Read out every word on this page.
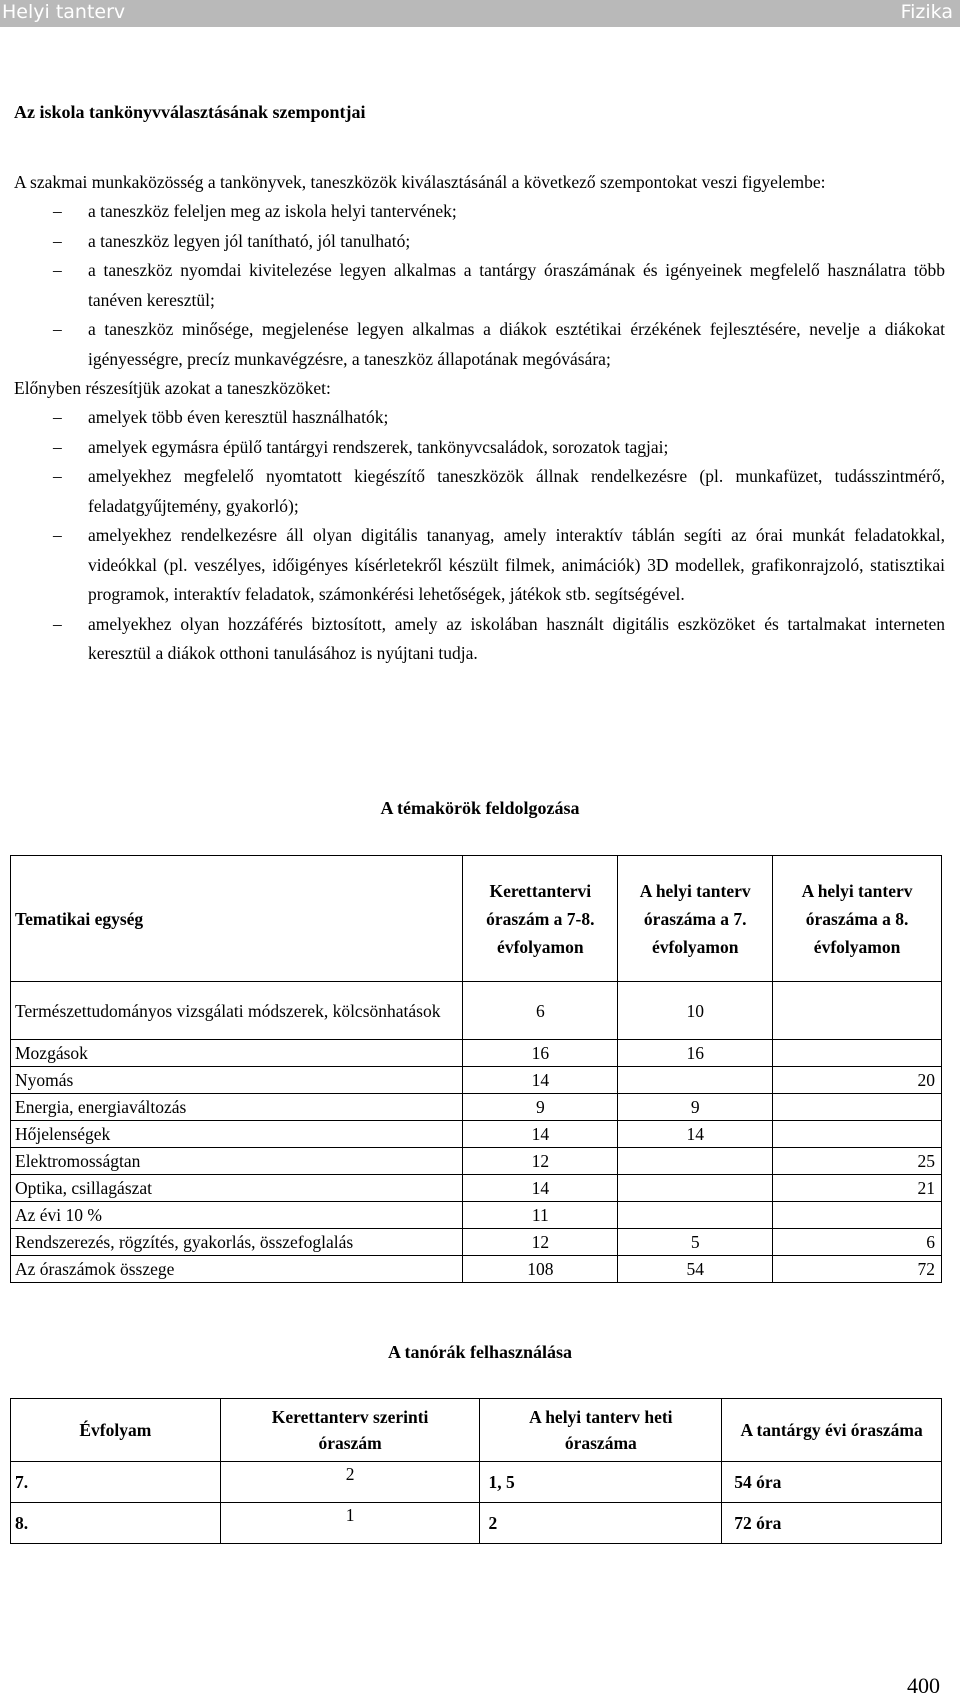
Helyi tanterv	Fizika
Az iskola tankönyvválasztásának szempontjai

A szakmai munkaközösség a tankönyvek, taneszközök kiválasztásánál a következő szempontokat veszi figyelembe:

– a taneszköz feleljen meg az iskola helyi tantervének;
– a taneszköz legyen jól tanítható, jól tanulható;
– a taneszköz nyomdai kivitelezése legyen alkalmas a tantárgy óraszámának és igényeinek megfelelő használatra több tanéven keresztül;
– a taneszköz minősége, megjelenése legyen alkalmas a diákok esztétikai érzékének fejlesztésére, nevelje a diákokat igényességre, precíz munkavégzésre, a taneszköz állapotának megóvására;

Előnyben részesítjük azokat a taneszközöket:

– amelyek több éven keresztül használhatók;
– amelyek egymásra épülő tantárgyi rendszerek, tankönyvcsaládok, sorozatok tagjai;
– amelyekhez megfelelő nyomtatott kiegészítő taneszközök állnak rendelkezésre (pl. munkafüzet, tudásszintmérő, feladatgyűjtemény, gyakorló);
– amelyekhez rendelkezésre áll olyan digitális tananyag, amely interaktív táblán segíti az órai munkát feladatokkal, videókkal (pl. veszélyes, időigényes kísérletekről készült filmek, animációk) 3D modellek, grafikonrajzoló, statisztikai programok, interaktív feladatok, számonkérési lehetőségek, játékok stb. segítségével.
– amelyekhez olyan hozzáférés biztosított, amely az iskolában használt digitális eszközöket és tartalmakat interneten keresztül a diákok otthoni tanulásához is nyújtani tudja.
A témakörök feldolgozása
Tematikai egység	Kerettantervi óraszám a 7-8. évfolyamon	A helyi tanterv óraszáma a 7. évfolyamon	A helyi tanterv óraszáma a 8. évfolyamon

Természettudományos vizsgálati módszerek, kölcsönhatások	6	10	
Mozgások	16	16	
Nyomás	14		20
Energia, energiaváltozás	9	9	
Hőjelenségek	14	14	
Elektromosságtan	12		25
Optika, csillagászat	14		21
Az évi 10 %	11		
Rendszerezés, rögzítés, gyakorlás, összefoglalás	12	5	6
Az óraszámok összege	108	54	72
A tanórák felhasználása
Évfolyam	Kerettanterv szerinti óraszám	A helyi tanterv heti óraszáma	A tantárgy évi óraszáma

7.	2	1, 5	54 óra
8.	1	2	72 óra
400
